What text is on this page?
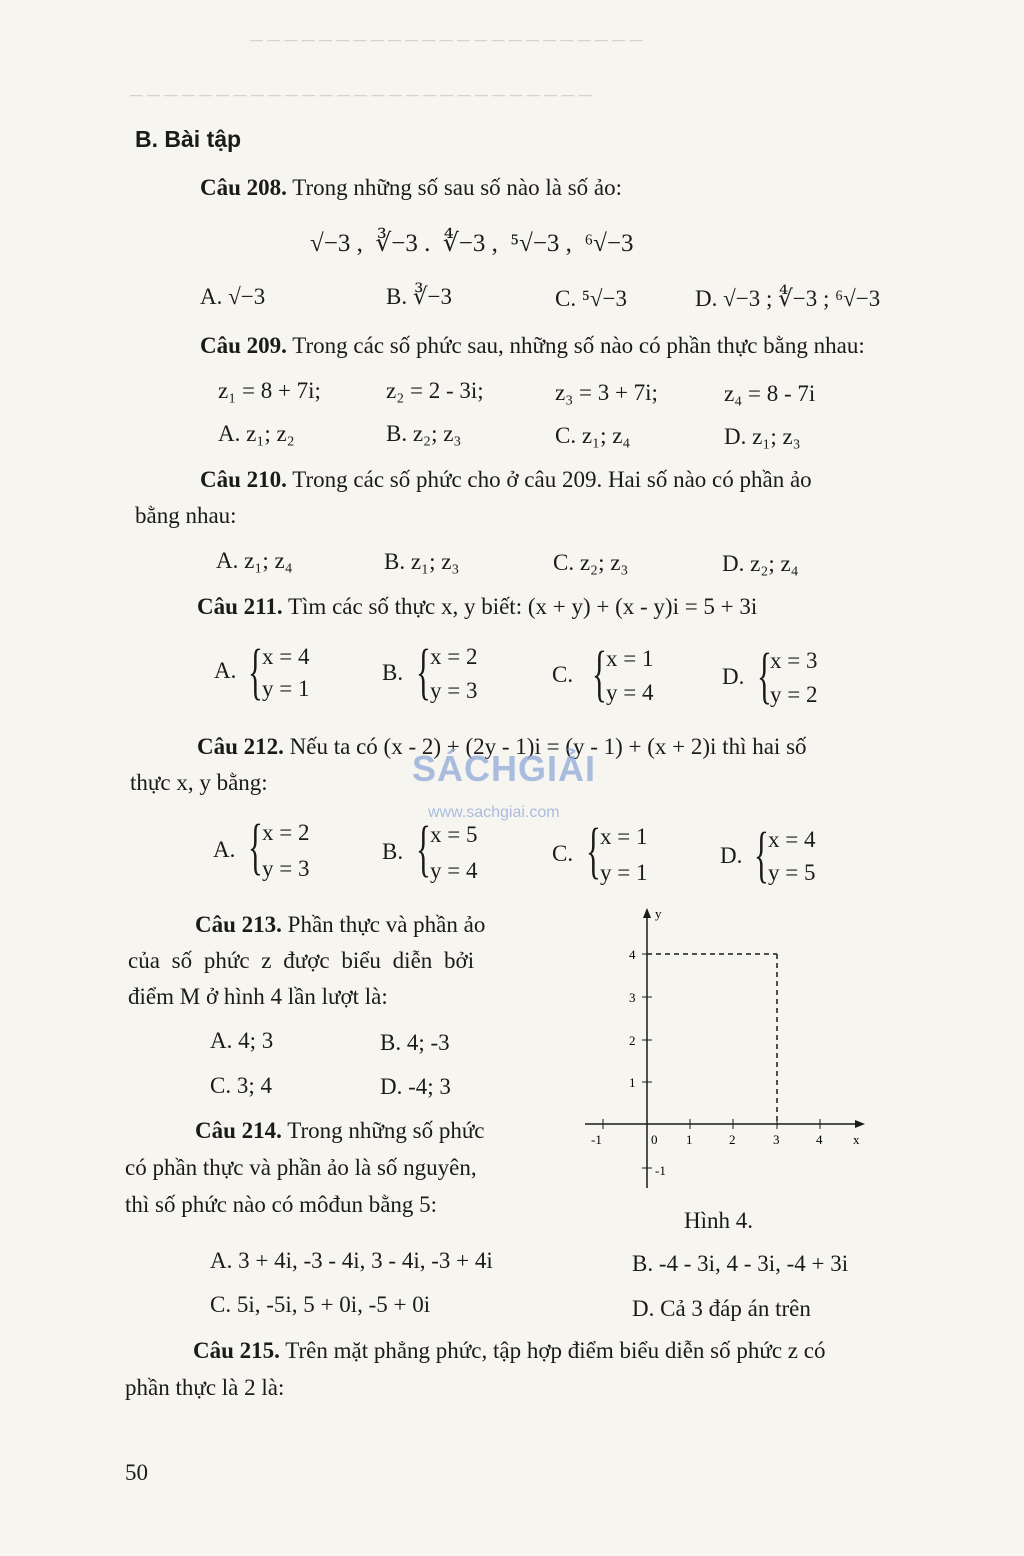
─ ─ ─ ─ ─ ─ ─ ─ ─ ─ ─ ─ ─ ─ ─ ─ ─ ─ ─ ─ ─ ─ ─
─ ─ ─ ─ ─ ─ ─ ─ ─ ─ ─ ─ ─ ─ ─ ─ ─ ─ ─ ─ ─ ─ ─ ─ ─ ─ ─
B. Bài tập
Câu 208. Trong những số sau số nào là số ảo:
√−3 , ∛−3 . ∜−3 , ⁵√−3 , ⁶√−3
A. √−3	B. ∛−3	C. ⁵√−3	D. √−3 ; ∜−3 ; ⁶√−3
Câu 209. Trong các số phức sau, những số nào có phần thực bằng nhau:
z₁ = 8 + 7i;	z₂ = 2 - 3i;	z₃ = 3 + 7i;	z₄ = 8 - 7i
A. z₁; z₂	B. z₂; z₃	C. z₁; z₄	D. z₁; z₃
Câu 210. Trong các số phức cho ở câu 209. Hai số nào có phần ảo
bằng nhau:
A. z₁; z₄	B. z₁; z₃	C. z₂; z₃	D. z₂; z₄
Câu 211. Tìm các số thực x, y biết: (x + y) + (x - y)i = 5 + 3i
A. { x = 4
y = 1
B. { x = 2
y = 3
C. { x = 1
y = 4
D. {
x = 3
y = 2
Câu 212. Nếu ta có (x - 2) + (2y - 1)i = (y - 1) + (x + 2)i thì hai số
thực x, y bằng:	SÁCHGIẢI
www.sachgiai.com
A. { x = 2
y = 3
B. { x = 5
y = 4
C. { x = 1
y = 1
D. { x = 4
y = 5
Câu 213. Phần thực và phần ảo
của số phức z được biểu diễn bởi
điểm M ở hình 4 lần lượt là:
A. 4; 3	B. 4; -3
C. 3; 4	D. -4; 3
y
x
0
-1	1	2	3	4
4
3
2
1
-1
Hình 4.
Câu 214. Trong những số phức
có phần thực và phần ảo là số nguyên,
thì số phức nào có môđun bằng 5:
A. 3 + 4i, -3 - 4i, 3 - 4i, -3 + 4i	B. -4 - 3i, 4 - 3i, -4 + 3i
C. 5i, -5i, 5 + 0i, -5 + 0i	D. Cả 3 đáp án trên
Câu 215. Trên mặt phẳng phức, tập hợp điểm biểu diễn số phức z có
phần thực là 2 là:
50
